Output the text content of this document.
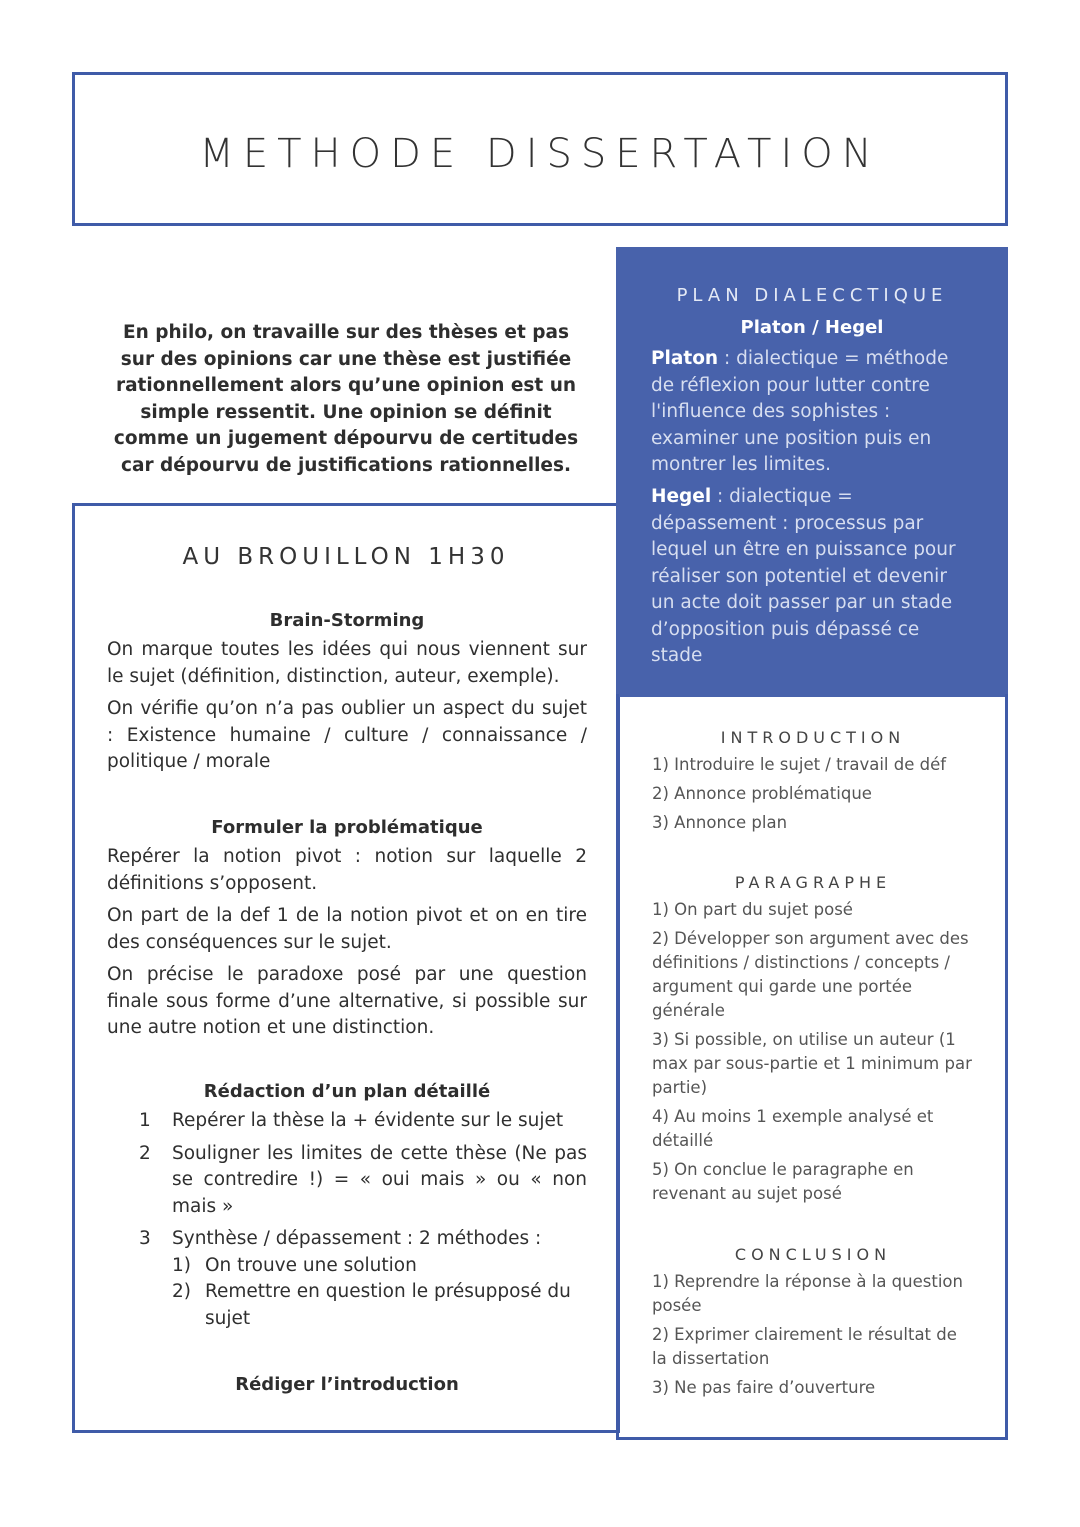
METHODE DISSERTATION
En philo, on travaille sur des thèses et pas sur des opinions car une thèse est justifiée rationnellement alors qu’une opinion est un simple ressentit. Une opinion se définit comme un jugement dépourvu de certitudes car dépourvu de justifications rationnelles.
AU BROUILLON 1H30
Brain-Storming
On marque toutes les idées qui nous viennent sur le sujet (définition, distinction, auteur, exemple).
On vérifie qu’on n’a pas oublier un aspect du sujet : Existence humaine / culture / connaissance / politique / morale
Formuler la problématique
Repérer la notion pivot : notion sur laquelle 2 définitions s’opposent.
On part de la def 1 de la notion pivot et on en tire des conséquences sur le sujet.
On précise le paradoxe posé par une question finale sous forme d’une alternative, si possible sur une autre notion et une distinction.
Rédaction d’un plan détaillé
1 Repérer la thèse la + évidente sur le sujet
2 Souligner les limites de cette thèse (Ne pas se contredire !) = « oui mais » ou « non mais »
3 Synthèse / dépassement : 2 méthodes :
1) On trouve une solution
2) Remettre en question le présupposé du sujet
Rédiger l’introduction
PLAN DIALECCTIQUE
Platon / Hegel
Platon : dialectique = méthode de réflexion pour lutter contre l'influence des sophistes : examiner une position puis en montrer les limites.
Hegel : dialectique = dépassement : processus par lequel un être en puissance pour réaliser son potentiel et devenir un acte doit passer par un stade d’opposition puis dépassé ce stade
INTRODUCTION
1) Introduire le sujet / travail de déf
2) Annonce problématique
3) Annonce plan
PARAGRAPHE
1) On part du sujet posé
2) Développer son argument avec des définitions / distinctions / concepts / argument qui garde une portée générale
3) Si possible, on utilise un auteur (1 max par sous-partie et 1 minimum par partie)
4) Au moins 1 exemple analysé et détaillé
5) On conclue le paragraphe en revenant au sujet posé
CONCLUSION
1) Reprendre la réponse à la question posée
2) Exprimer clairement le résultat de la dissertation
3) Ne pas faire d’ouverture
